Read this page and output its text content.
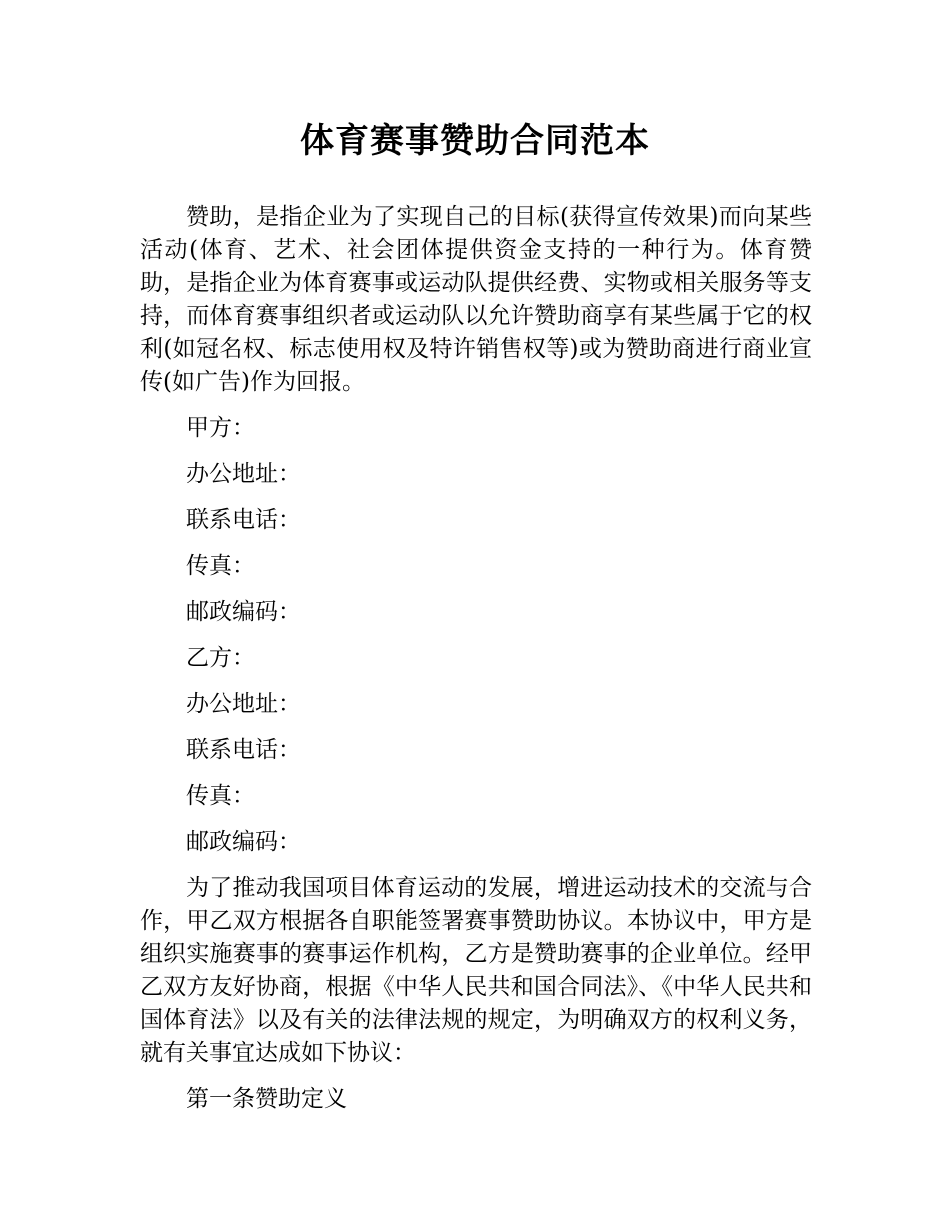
体育赛事赞助合同范本

赞助，是指企业为了实现自己的目标(获得宣传效果)而向某些活动(体育、艺术、社会团体提供资金支持的一种行为。体育赞助，是指企业为体育赛事或运动队提供经费、实物或相关服务等支持，而体育赛事组织者或运动队以允许赞助商享有某些属于它的权利(如冠名权、标志使用权及特许销售权等)或为赞助商进行商业宣传(如广告)作为回报。

甲方：

办公地址：

联系电话：

传真：

邮政编码：

乙方：

办公地址：

联系电话：

传真：

邮政编码：

为了推动我国项目体育运动的发展，增进运动技术的交流与合作，甲乙双方根据各自职能签署赛事赞助协议。本协议中，甲方是组织实施赛事的赛事运作机构，乙方是赞助赛事的企业单位。经甲乙双方友好协商，根据《中华人民共和国合同法》、《中华人民共和国体育法》以及有关的法律法规的规定，为明确双方的权利义务，就有关事宜达成如下协议：

第一条赞助定义
